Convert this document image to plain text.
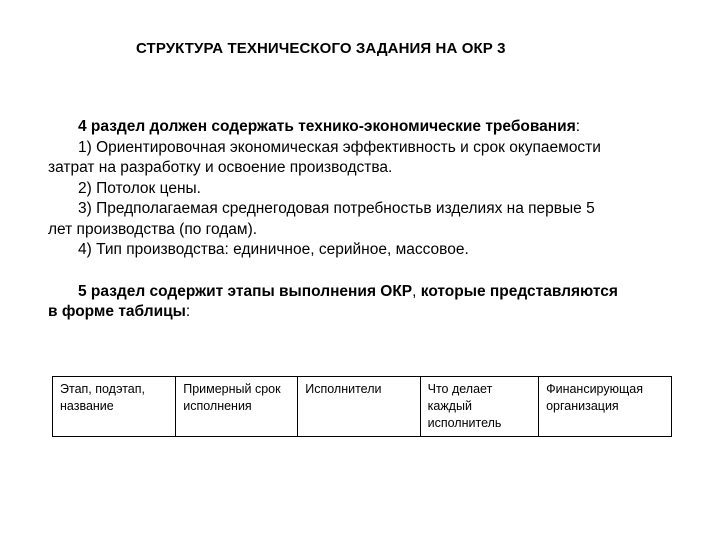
СТРУКТУРА ТЕХНИЧЕСКОГО ЗАДАНИЯ НА ОКР 3

4 раздел должен содержать технико-экономические требования:

1) Ориентировочная экономическая эффективность и срок окупаемости затрат на разработку и освоение производства.

2) Потолок цены.

3) Предполагаемая среднегодовая потребностьв изделиях на первые 5 лет производства (по годам).

4) Тип производства: единичное, серийное, массовое.

5 раздел содержит этапы выполнения ОКР, которые представляются в форме таблицы:

Этап, подэтап, название	Примерный срок исполнения	Исполнители	Что делает каждый исполнитель	Финансирующая организация
